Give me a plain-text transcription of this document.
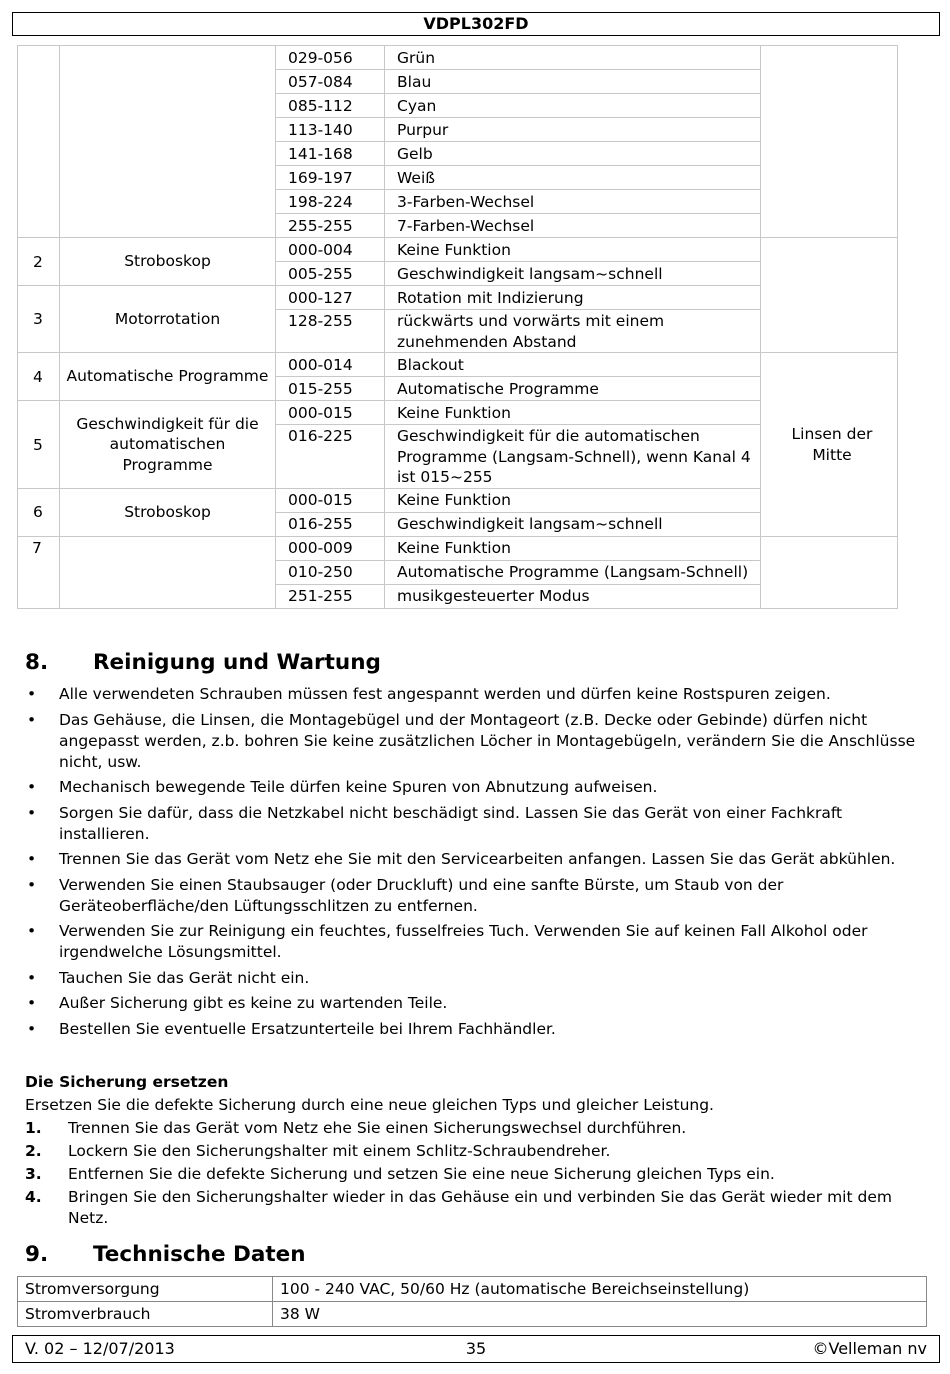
VDPL302FD
		029-056	Grün	
		057-084	Blau	
		085-112	Cyan	
		113-140	Purpur	
		141-168	Gelb	
		169-197	Weiß	
		198-224	3-Farben-Wechsel	
		255-255	7-Farben-Wechsel	
2	Stroboskop	000-004	Keine Funktion	
		005-255	Geschwindigkeit langsam~schnell	
3	Motorrotation	000-127	Rotation mit Indizierung	
		128-255	rückwärts und vorwärts mit einem zunehmenden Abstand	
4	Automatische Programme	000-014	Blackout	Linsen der Mitte
		015-255	Automatische Programme	
5	Geschwindigkeit für die automatischen Programme	000-015	Keine Funktion	
		016-225	Geschwindigkeit für die automatischen Programme (Langsam-Schnell), wenn Kanal 4 ist 015~255	
6	Stroboskop	000-015	Keine Funktion	
		016-255	Geschwindigkeit langsam~schnell	
7		000-009	Keine Funktion	
		010-250	Automatische Programme (Langsam-Schnell)	
		251-255	musikgesteuerter Modus	
8. Reinigung und Wartung
• Alle verwendeten Schrauben müssen fest angespannt werden und dürfen keine Rostspuren zeigen.
• Das Gehäuse, die Linsen, die Montagebügel und der Montageort (z.B. Decke oder Gebinde) dürfen nicht angepasst werden, z.b. bohren Sie keine zusätzlichen Löcher in Montagebügeln, verändern Sie die Anschlüsse nicht, usw.
• Mechanisch bewegende Teile dürfen keine Spuren von Abnutzung aufweisen.
• Sorgen Sie dafür, dass die Netzkabel nicht beschädigt sind. Lassen Sie das Gerät von einer Fachkraft installieren.
• Trennen Sie das Gerät vom Netz ehe Sie mit den Servicearbeiten anfangen. Lassen Sie das Gerät abkühlen.
• Verwenden Sie einen Staubsauger (oder Druckluft) und eine sanfte Bürste, um Staub von der Geräteoberfläche/den Lüftungsschlitzen zu entfernen.
• Verwenden Sie zur Reinigung ein feuchtes, fusselfreies Tuch. Verwenden Sie auf keinen Fall Alkohol oder irgendwelche Lösungsmittel.
• Tauchen Sie das Gerät nicht ein.
• Außer Sicherung gibt es keine zu wartenden Teile.
• Bestellen Sie eventuelle Ersatzunterteile bei Ihrem Fachhändler.

Die Sicherung ersetzen

Ersetzen Sie die defekte Sicherung durch eine neue gleichen Typs und gleicher Leistung.

1. Trennen Sie das Gerät vom Netz ehe Sie einen Sicherungswechsel durchführen.
2. Lockern Sie den Sicherungshalter mit einem Schlitz-Schraubendreher.
3. Entfernen Sie die defekte Sicherung und setzen Sie eine neue Sicherung gleichen Typs ein.
4. Bringen Sie den Sicherungshalter wieder in das Gehäuse ein und verbinden Sie das Gerät wieder mit dem Netz.
9. Technische Daten
Stromversorgung	100 - 240 VAC, 50/60 Hz (automatische Bereichseinstellung)
Stromverbrauch	38 W
V. 02 – 12/07/2013	35	©Velleman nv
